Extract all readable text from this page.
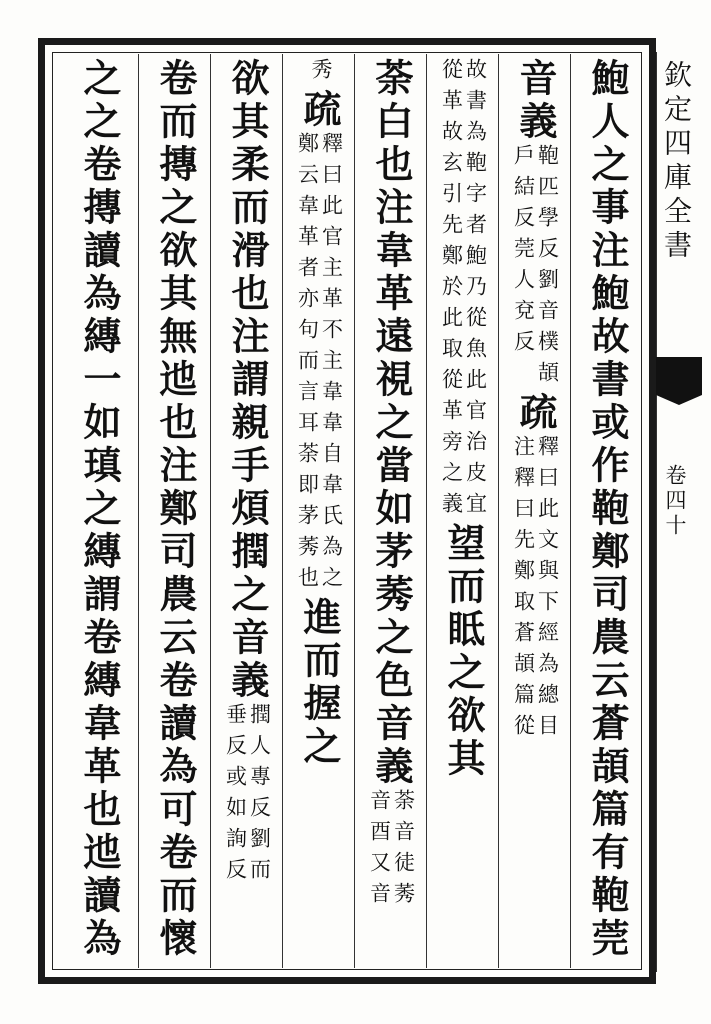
欽定四庫全書
卷四十
鮑人之事注鮑故書或作鞄鄭司農云蒼頡篇有鞄莞
音義
鞄匹學反劉音樸頡
戶結反莞人兗反
疏
釋曰此文與下經為總目
注釋曰先鄭取蒼頡篇從
故書為鞄字者鮑乃從魚此官治皮宜
從革故玄引先鄭於此取從革旁之義
望而眡之欲其
荼白也注韋革遠視之當如茅莠之色音義
荼音徒莠
音酉又音
秀
疏
釋曰此官主革不主韋韋自韋氏為之
鄭云韋革者亦句而言耳荼即茅莠也
進而握之
欲其柔而滑也注謂親手煩撋之音義
撋人專反劉而
垂反或如詢反
卷而摶之欲其無迆也注鄭司農云卷讀為可卷而懷
之之卷摶讀為縳一如瑱之縳謂卷縳韋革也迆讀為
